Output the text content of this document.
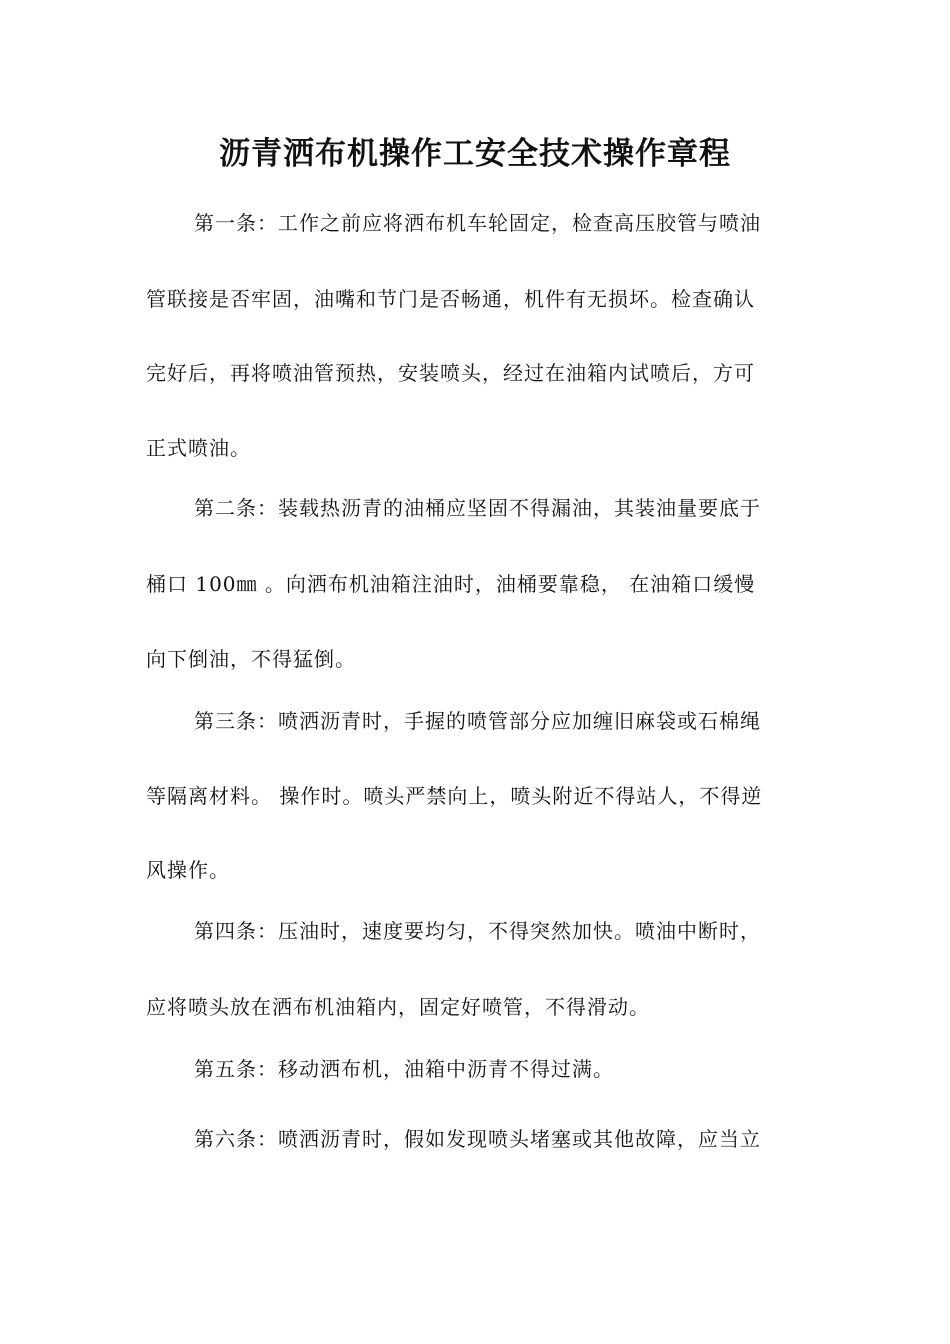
沥青洒布机操作工安全技术操作章程
第一条：工作之前应将洒布机车轮固定，检查高压胶管与喷油
管联接是否牢固，油嘴和节门是否畅通，机件有无损坏。检查确认
完好后，再将喷油管预热，安装喷头，经过在油箱内试喷后，方可
正式喷油。
第二条：装载热沥青的油桶应坚固不得漏油，其装油量要底于
桶口 100㎜ 。向洒布机油箱注油时，油桶要靠稳， 在油箱口缓慢
向下倒油，不得猛倒。
第三条：喷洒沥青时，手握的喷管部分应加缠旧麻袋或石棉绳
等隔离材料。 操作时。喷头严禁向上，喷头附近不得站人，不得逆
风操作。
第四条：压油时，速度要均匀，不得突然加快。喷油中断时，
应将喷头放在洒布机油箱内，固定好喷管，不得滑动。
第五条：移动洒布机，油箱中沥青不得过满。
第六条：喷洒沥青时，假如发现喷头堵塞或其他故障，应当立
